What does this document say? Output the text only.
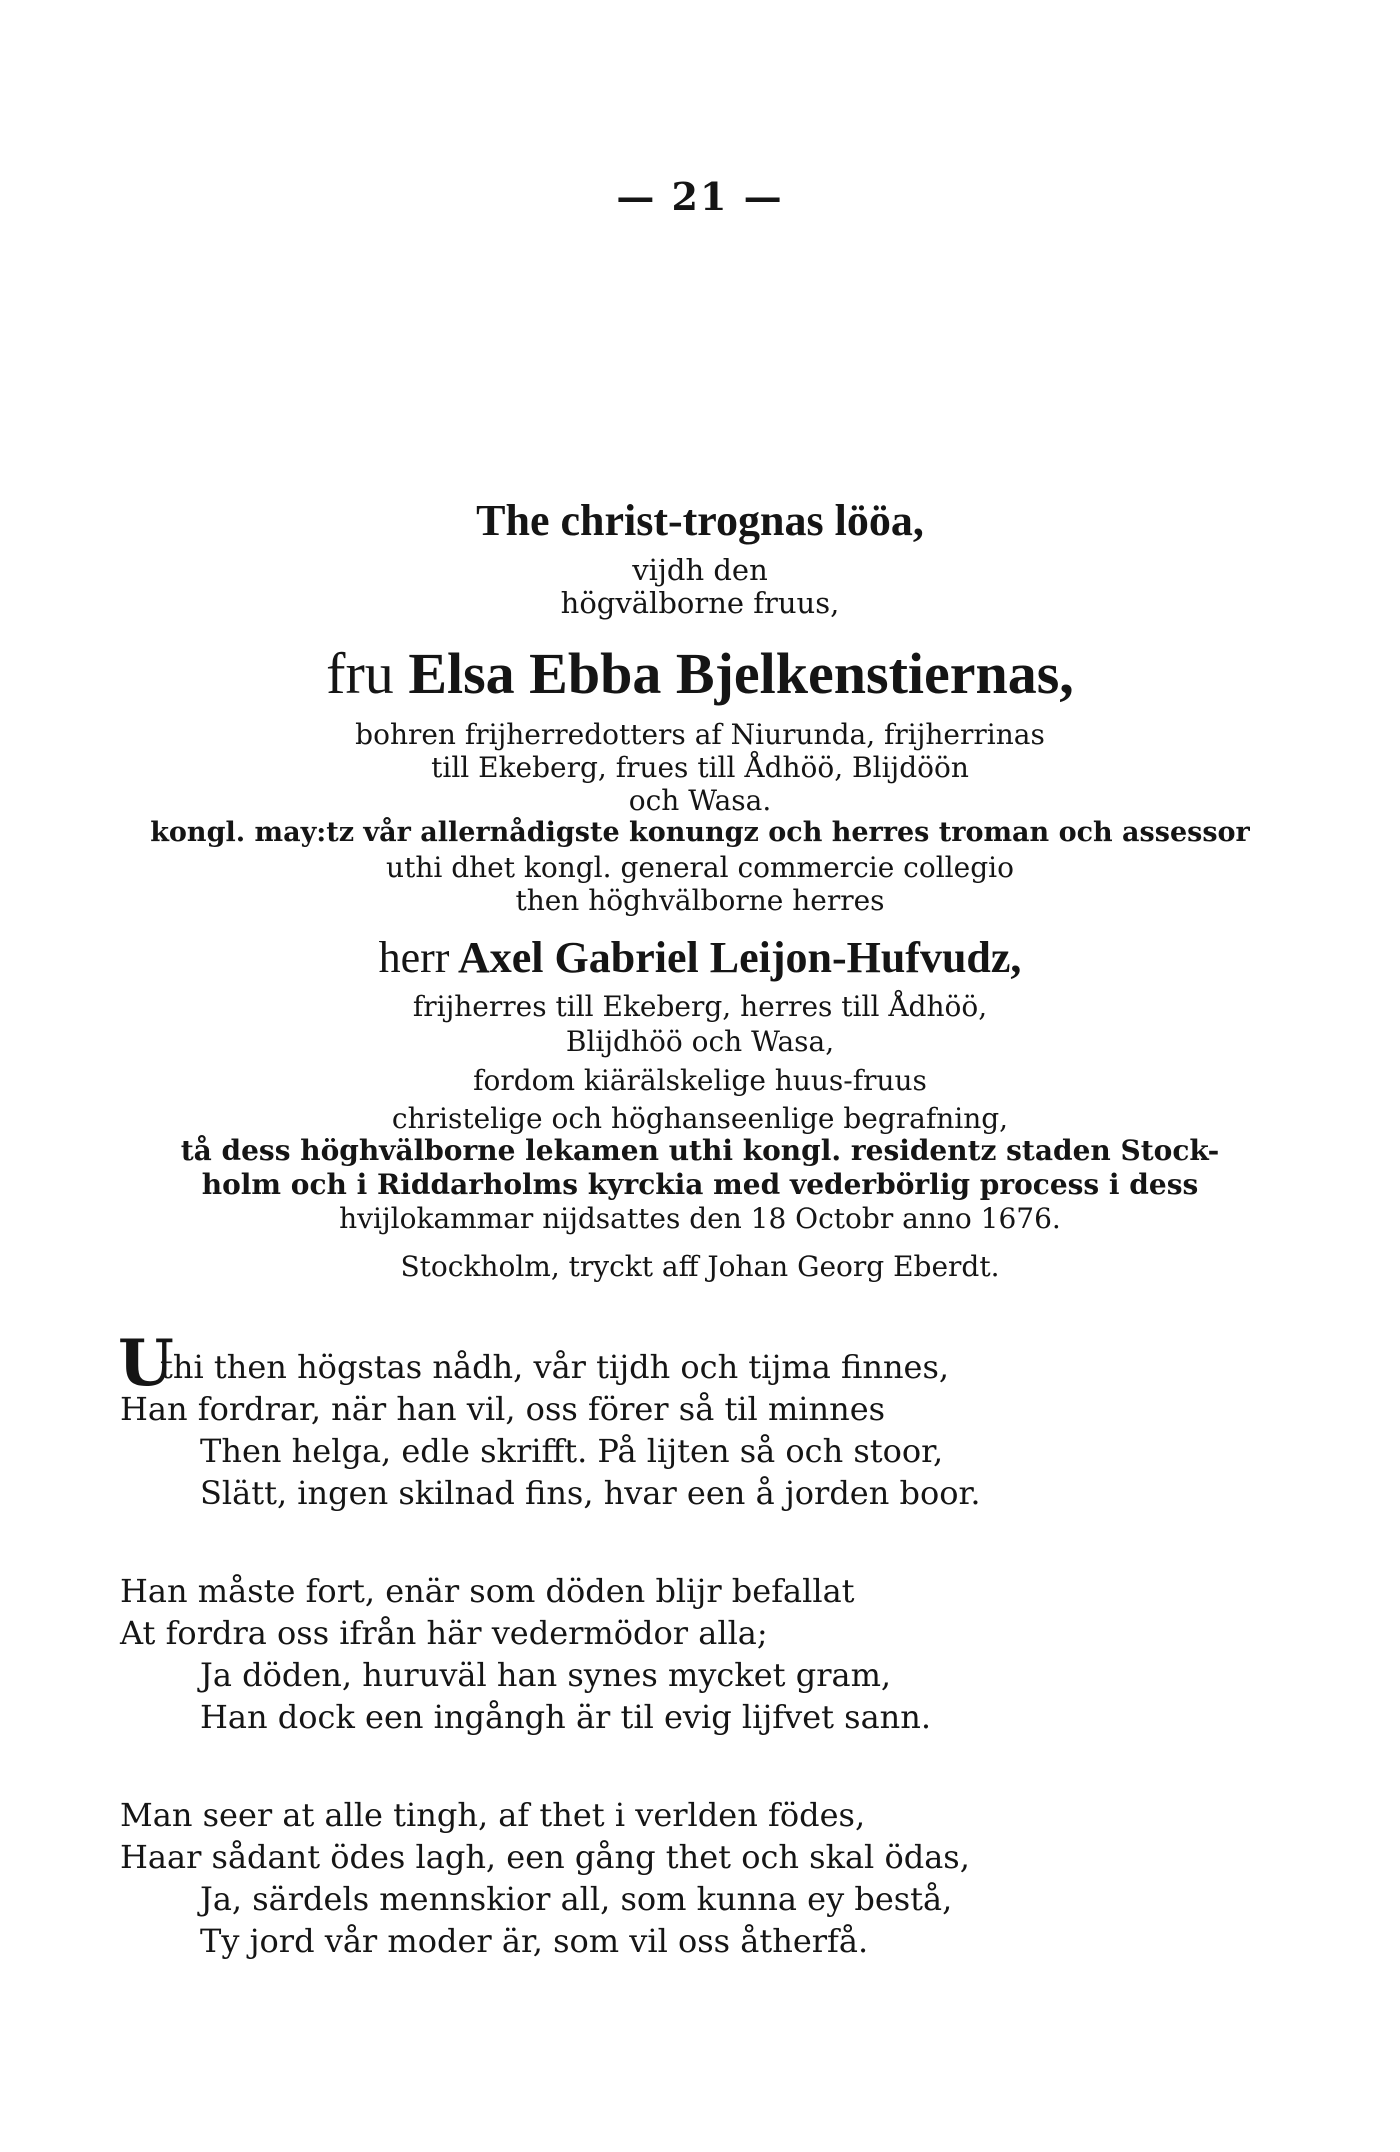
— 21 —
The christ-trognas lööa,
vijdh den
högvälborne fruus,
fru Elsa Ebba Bjelkenstiernas,
bohren frijherredotters af Niurunda, frijherrinas
till Ekeberg, frues till Ådhöö, Blijdöön
och Wasa.
kongl. may:tz vår allernådigste konungz och herres troman och assessor
uthi dhet kongl. general commercie collegio
then höghvälborne herres
herr Axel Gabriel Leijon-Hufvudz,
frijherres till Ekeberg, herres till Ådhöö,
Blijdhöö och Wasa,
fordom kiärälskelige huus-fruus
christelige och höghanseenlige begrafning,
tå dess höghvälborne lekamen uthi kongl. residentz staden Stock-
holm och i Riddarholms kyrckia med vederbörlig process i dess
hvijlokammar nijdsattes den 18 Octobr anno 1676.
Stockholm, tryckt aff Johan Georg Eberdt.
U
thi then högstas nådh, vår tijdh och tijma finnes,
Han fordrar, när han vil, oss förer så til minnes
Then helga, edle skrifft. På lijten så och stoor,
Slätt, ingen skilnad fins, hvar een å jorden boor.
Han måste fort, enär som döden blijr befallat
At fordra oss ifrån här vedermödor alla;
Ja döden, huruväl han synes mycket gram,
Han dock een ingångh är til evig lijfvet sann.
Man seer at alle tingh, af thet i verlden födes,
Haar sådant ödes lagh, een gång thet och skal ödas,
Ja, särdels mennskior all, som kunna ey bestå,
Ty jord vår moder är, som vil oss åtherfå.
